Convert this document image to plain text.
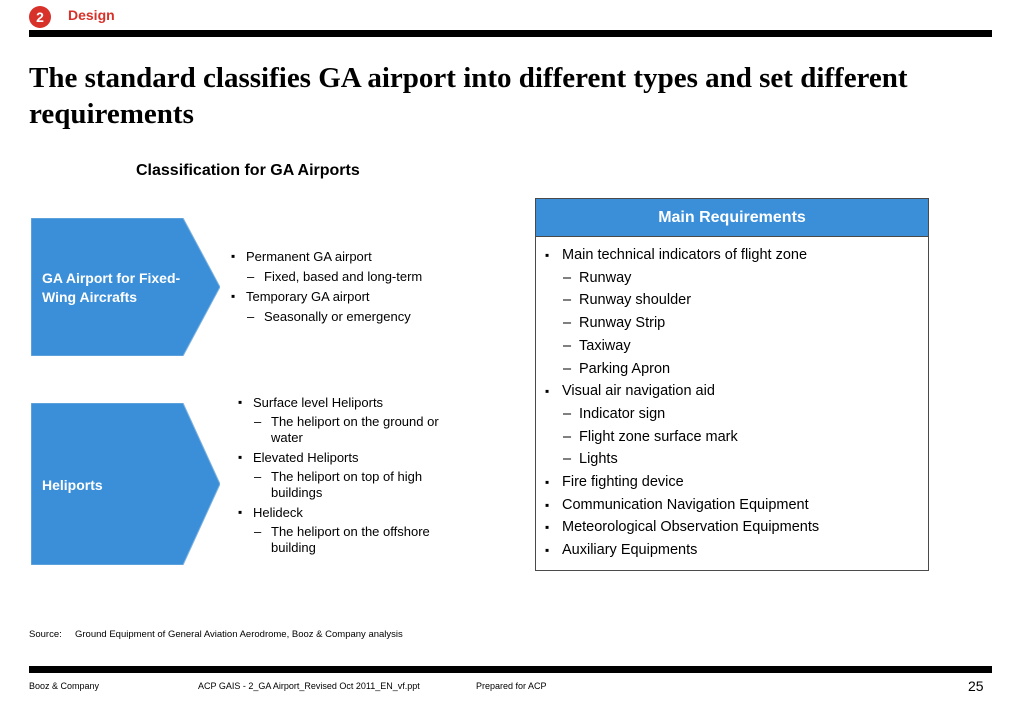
2	Design
The standard classifies GA airport into different types and set different requirements
Classification for GA Airports
GA Airport for Fixed-
Wing Aircrafts
▪ Permanent GA airport
– Fixed, based and long-term
▪ Temporary GA airport
– Seasonally or emergency
Heliports
▪ Surface level Heliports
– The heliport on the ground or water
▪ Elevated Heliports
– The heliport on top of high buildings
▪ Helideck
– The heliport on the offshore building
Main Requirements
▪ Main technical indicators of flight zone
– Runway
– Runway shoulder
– Runway Strip
– Taxiway
– Parking Apron
▪ Visual air navigation aid
– Indicator sign
– Flight zone surface mark
– Lights
▪ Fire fighting device
▪ Communication Navigation Equipment
▪ Meteorological Observation Equipments
▪ Auxiliary Equipments
Source: Ground Equipment of General Aviation Aerodrome, Booz & Company analysis
Booz & Company	ACP GAIS - 2_GA Airport_Revised Oct 2011_EN_vf.ppt	Prepared for ACP	25
